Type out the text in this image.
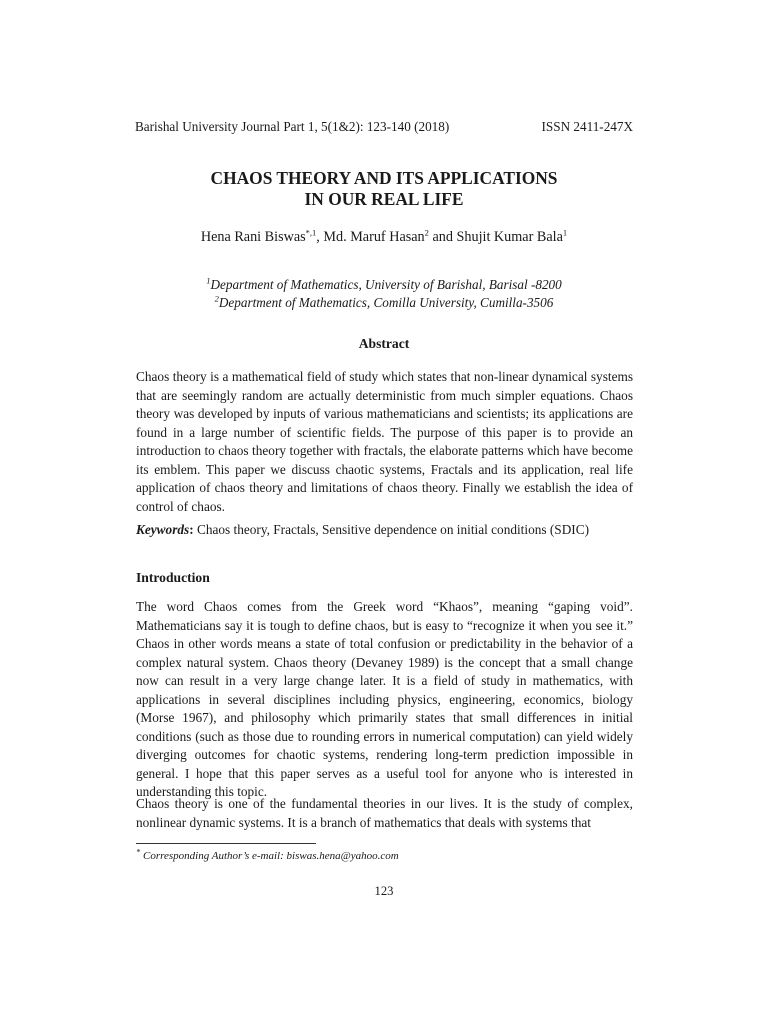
Barishal University Journal Part 1, 5(1&2): 123-140 (2018)	ISSN 2411-247X
CHAOS THEORY AND ITS APPLICATIONS
IN OUR REAL LIFE
Hena Rani Biswas$^{*,1}$, Md. Maruf Hasan$^2$ and Shujit Kumar Bala$^1$
$^1$Department of Mathematics, University of Barishal, Barisal -8200
$^2$Department of Mathematics, Comilla University, Cumilla-3506
Abstract
Chaos theory is a mathematical field of study which states that non-linear dynamical systems that are seemingly random are actually deterministic from much simpler equations. Chaos theory was developed by inputs of various mathematicians and scientists; its applications are found in a large number of scientific fields. The purpose of this paper is to provide an introduction to chaos theory together with fractals, the elaborate patterns which have become its emblem. This paper we discuss chaotic systems, Fractals and its application, real life application of chaos theory and limitations of chaos theory. Finally we establish the idea of control of chaos.
Keywords: Chaos theory, Fractals, Sensitive dependence on initial conditions (SDIC)
Introduction
The word Chaos comes from the Greek word “Khaos”, meaning “gaping void”. Mathematicians say it is tough to define chaos, but is easy to “recognize it when you see it.” Chaos in other words means a state of total confusion or predictability in the behavior of a complex natural system. Chaos theory (Devaney 1989) is the concept that a small change now can result in a very large change later. It is a field of study in mathematics, with applications in several disciplines including physics, engineering, economics, biology (Morse 1967), and philosophy which primarily states that small differences in initial conditions (such as those due to rounding errors in numerical computation) can yield widely diverging outcomes for chaotic systems, rendering long-term prediction impossible in general. I hope that this paper serves as a useful tool for anyone who is interested in understanding this topic.
Chaos theory is one of the fundamental theories in our lives. It is the study of complex, nonlinear dynamic systems. It is a branch of mathematics that deals with systems that
* Corresponding Author’s e-mail: biswas.hena@yahoo.com
123
